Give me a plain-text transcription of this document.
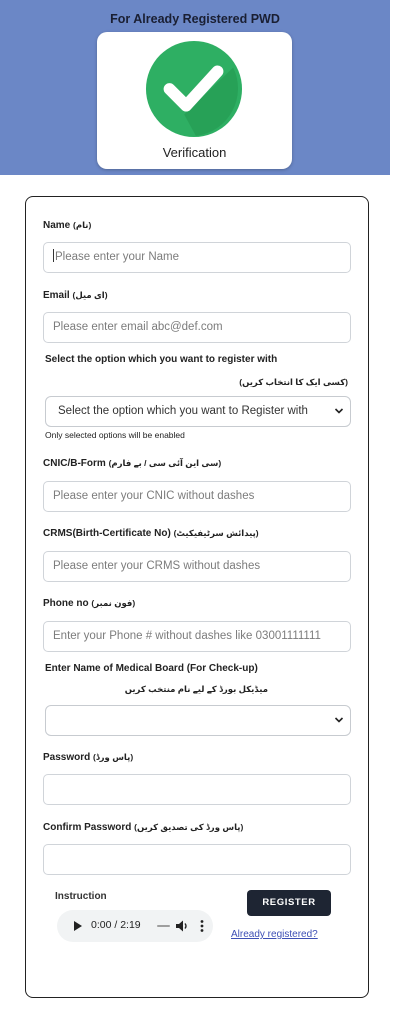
For Already Registered PWD
Verification
Name (نام)
Please enter your Name
Email (ای میل)
Please enter email abc@def.com
Select the option which you want to register with
(کسی ایک کا انتخاب کریں)
Select the option which you want to Register with
Only selected options will be enabled
CNIC/B-Form (سی این آئی سی / بے فارم)
Please enter your CNIC without dashes
CRMS(Birth-Certificate No) (پیدائش سرٹیفیکیٹ)
Please enter your CRMS without dashes
Phone no (فون نمبر)
Enter your Phone # without dashes like 03001111111
Enter Name of Medical Board (For Check-up)
میڈیکل بورڈ کے لیے نام منتخب کریں
Password (پاس ورڈ)
Confirm Password (پاس ورڈ کی تصدیق کریں)
Instruction
0:00 / 2:19
REGISTER
Already registered?
